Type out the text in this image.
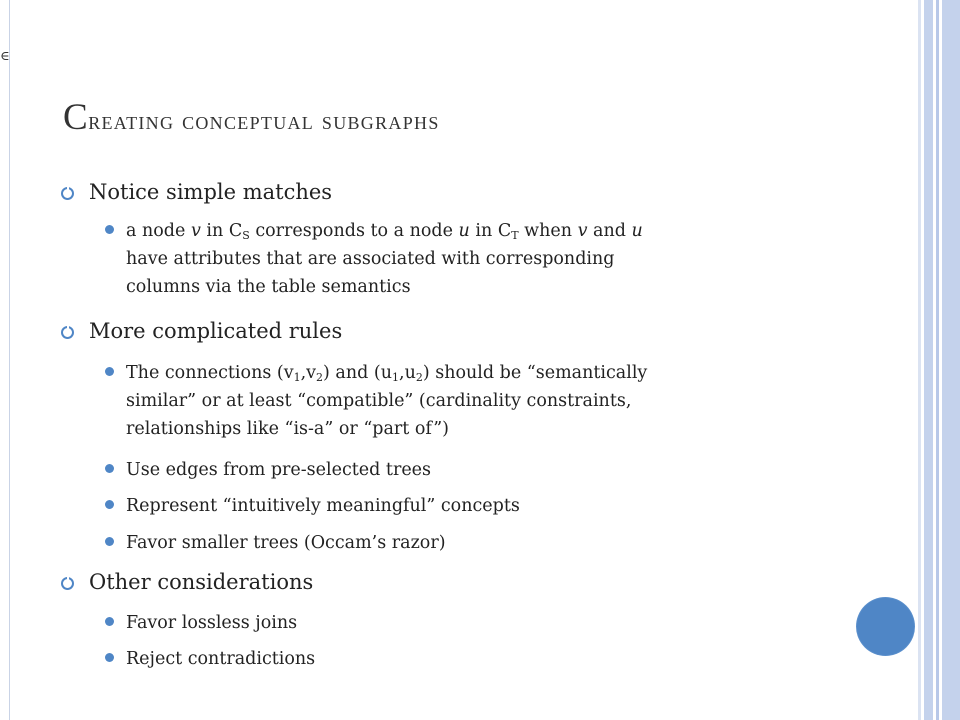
∈
Creating conceptual subgraphs
Notice simple matches
a node v in $C_S$ corresponds to a node u in $C_T$ when v and u
have attributes that are associated with corresponding
columns via the table semantics
More complicated rules
The connections $(v_1,v_2)$ and $(u_1,u_2)$ should be “semantically
similar” or at least “compatible” (cardinality constraints,
relationships like “is-a” or “part of”)
Use edges from pre-selected trees
Represent “intuitively meaningful” concepts
Favor smaller trees (Occam’s razor)
Other considerations
Favor lossless joins
Reject contradictions
